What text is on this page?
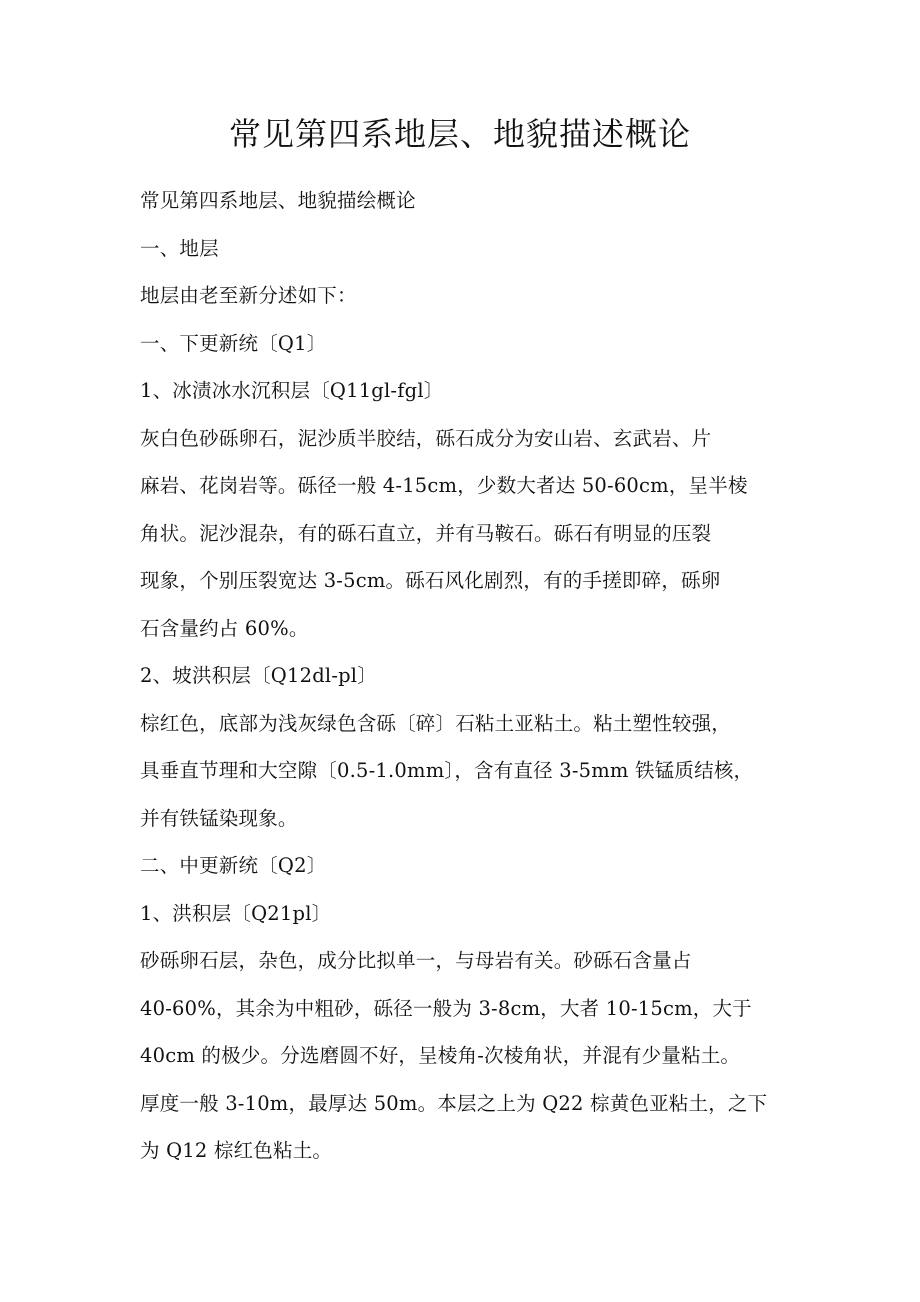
常见第四系地层、地貌描述概论
常见第四系地层、地貌描绘概论
一、地层
地层由老至新分述如下：
一、下更新统〔Q1〕
1、冰渍冰水沉积层〔Q11gl-fgl〕
灰白色砂砾卵石，泥沙质半胶结，砾石成分为安山岩、玄武岩、片
麻岩、花岗岩等。砾径一般 4-15cm，少数大者达 50-60cm，呈半棱
角状。泥沙混杂，有的砾石直立，并有马鞍石。砾石有明显的压裂
现象，个别压裂宽达 3-5cm。砾石风化剧烈，有的手搓即碎，砾卵
石含量约占 60%。
2、坡洪积层〔Q12dl-pl〕
棕红色，底部为浅灰绿色含砾〔碎〕石粘土亚粘土。粘土塑性较强，
具垂直节理和大空隙〔0.5-1.0mm〕，含有直径 3-5mm 铁锰质结核，
并有铁锰染现象。
二、中更新统〔Q2〕
1、洪积层〔Q21pl〕
砂砾卵石层，杂色，成分比拟单一，与母岩有关。砂砾石含量占
40-60%，其余为中粗砂，砾径一般为 3-8cm，大者 10-15cm，大于
40cm 的极少。分选磨圆不好，呈棱角-次棱角状，并混有少量粘土。
厚度一般 3-10m，最厚达 50m。本层之上为 Q22 棕黄色亚粘土，之下
为 Q12 棕红色粘土。
